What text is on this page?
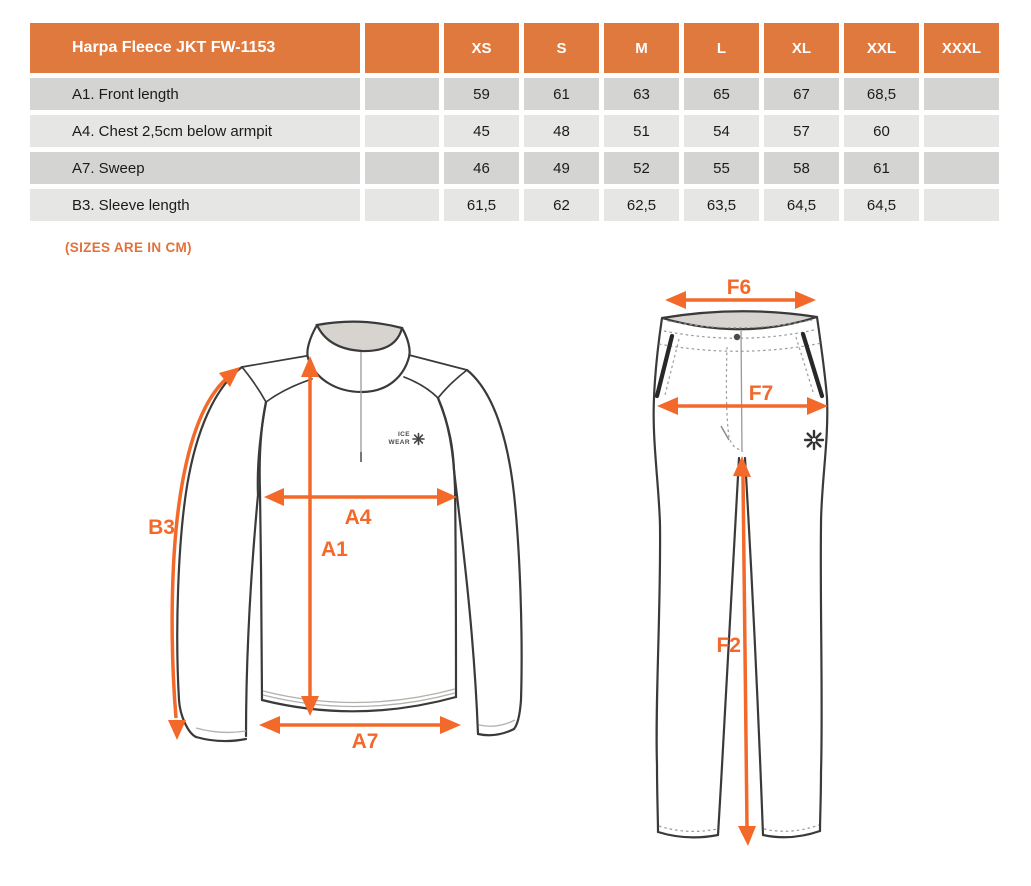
Harpa Fleece JKT FW-1153		XS	S	M	L	XL	XXL	XXXL
A1. Front length		59	61	63	65	67	68,5	
A4. Chest 2,5cm below armpit		45	48	51	54	57	60	
A7. Sweep		46	49	52	55	58	61	
B3. Sleeve length		61,5	62	62,5	63,5	64,5	64,5	
(SIZES ARE IN CM)
ICE
WEAR
B3	A4
A1
A7
F6
F7
F2
